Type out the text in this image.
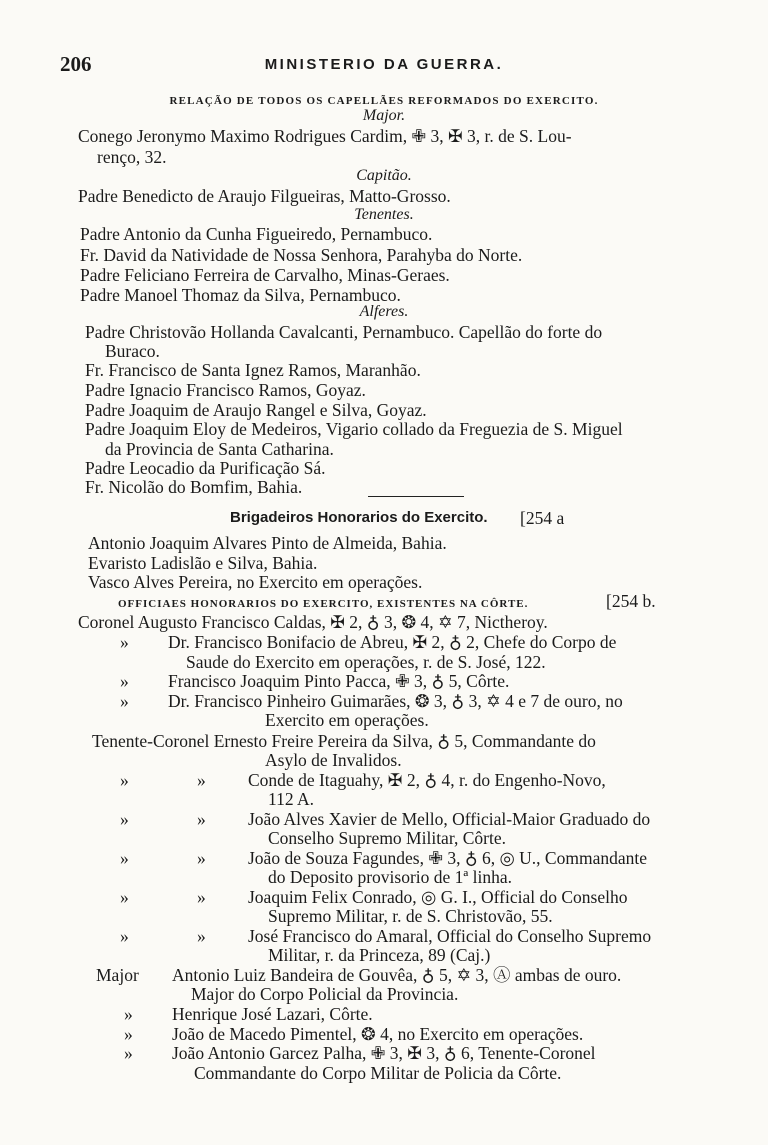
206	MINISTERIO DA GUERRA.
RELAÇÃO DE TODOS OS CAPELLÃES REFORMADOS DO EXERCITO.
Major.
Conego Jeronymo Maximo Rodrigues Cardim, ✙ 3, ✠ 3, r. de S. Lou-
renço, 32.
Capitão.
Padre Benedicto de Araujo Filgueiras, Matto-Grosso.
Tenentes.
Padre Antonio da Cunha Figueiredo, Pernambuco.
Fr. David da Natividade de Nossa Senhora, Parahyba do Norte.
Padre Feliciano Ferreira de Carvalho, Minas-Geraes.
Padre Manoel Thomaz da Silva, Pernambuco.
Alferes.
Padre Christovão Hollanda Cavalcanti, Pernambuco. Capellão do forte do
Buraco.
Fr. Francisco de Santa Ignez Ramos, Maranhão.
Padre Ignacio Francisco Ramos, Goyaz.
Padre Joaquim de Araujo Rangel e Silva, Goyaz.
Padre Joaquim Eloy de Medeiros, Vigario collado da Freguezia de S. Miguel
da Provincia de Santa Catharina.
Padre Leocadio da Purificação Sá.
Fr. Nicolão do Bomfim, Bahia.
Brigadeiros Honorarios do Exercito. [254 a
Antonio Joaquim Alvares Pinto de Almeida, Bahia.
Evaristo Ladislão e Silva, Bahia.
Vasco Alves Pereira, no Exercito em operações.
OFFICIAES HONORARIOS DO EXERCITO, EXISTENTES NA CÔRTE.	[254 b.
Coronel Augusto Francisco Caldas, ✠ 2, ♁ 3, ❂ 4, ✡ 7, Nictheroy.
» Dr. Francisco Bonifacio de Abreu, ✠ 2, ♁ 2, Chefe do Corpo de
Saude do Exercito em operações, r. de S. José, 122.
» Francisco Joaquim Pinto Pacca, ✙ 3, ♁ 5, Côrte.
» Dr. Francisco Pinheiro Guimarães, ❂ 3, ♁ 3, ✡ 4 e 7 de ouro, no
Exercito em operações.
Tenente-Coronel Ernesto Freire Pereira da Silva, ♁ 5, Commandante do
Asylo de Invalidos.
»	» Conde de Itaguahy, ✠ 2, ♁ 4, r. do Engenho-Novo,
112 A.
»	» João Alves Xavier de Mello, Official-Maior Graduado do
Conselho Supremo Militar, Côrte.
»	» João de Souza Fagundes, ✙ 3, ♁ 6, ◎ U., Commandante
do Deposito provisorio de 1ª linha.
»	» Joaquim Felix Conrado, ◎ G. I., Official do Conselho
Supremo Militar, r. de S. Christovão, 55.
»	» José Francisco do Amaral, Official do Conselho Supremo
Militar, r. da Princeza, 89 (Caj.)
Major Antonio Luiz Bandeira de Gouvêa, ♁ 5, ✡ 3, Ⓐ ambas de ouro.
Major do Corpo Policial da Provincia.
» Henrique José Lazari, Côrte.
» João de Macedo Pimentel, ❂ 4, no Exercito em operações.
» João Antonio Garcez Palha, ✙ 3, ✠ 3, ♁ 6, Tenente-Coronel
Commandante do Corpo Militar de Policia da Côrte.
